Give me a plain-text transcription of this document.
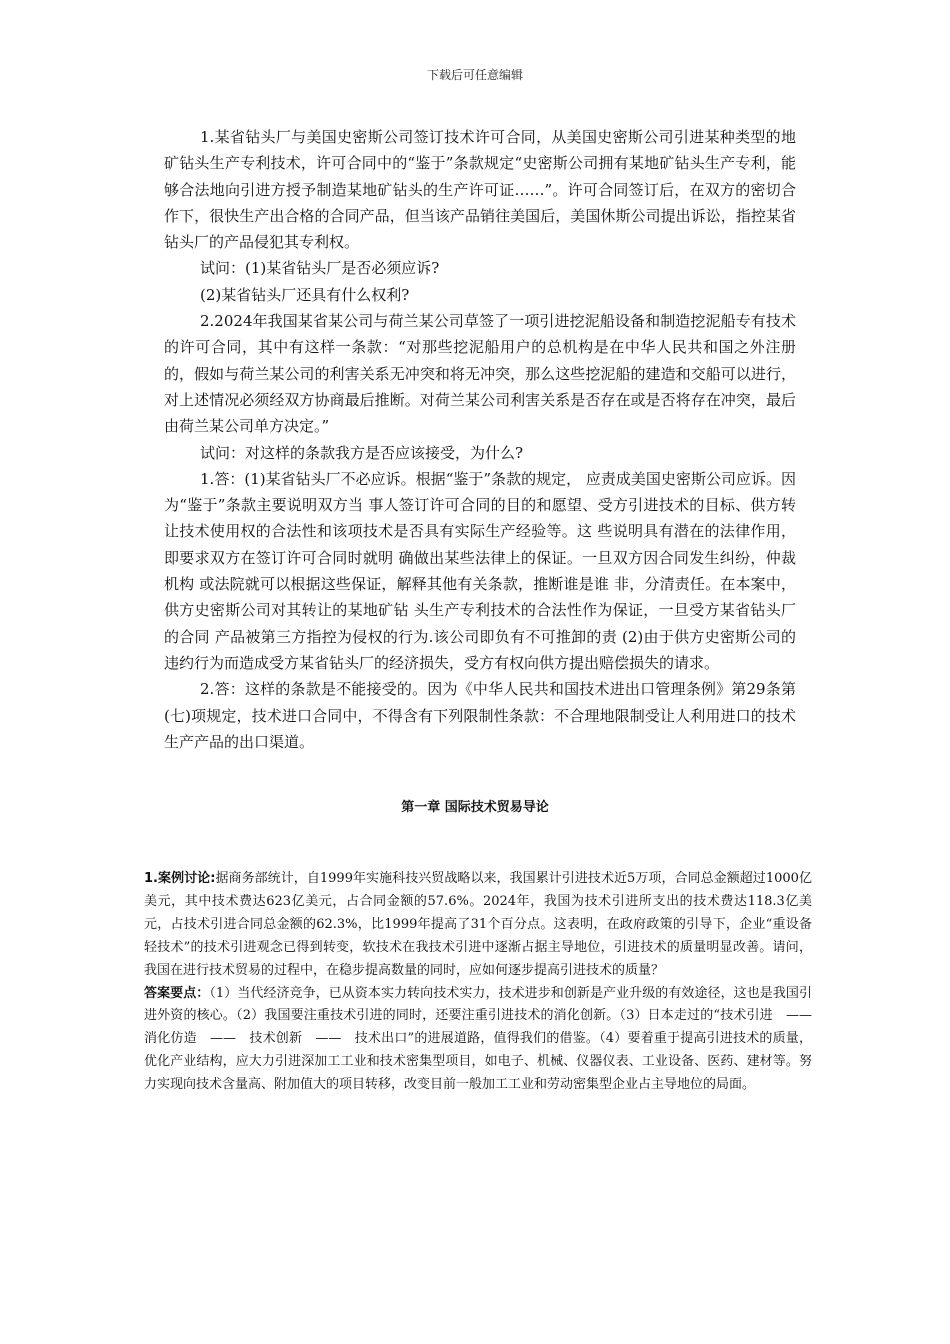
下载后可任意编辑

1.某省钻头厂与美国史密斯公司签订技术许可合同，从美国史密斯公司引进某种类型的地矿钻头生产专利技术，许可合同中的“鉴于”条款规定“史密斯公司拥有某地矿钻头生产专利，能够合法地向引进方授予制造某地矿钻头的生产许可证……”。许可合同签订后，在双方的密切合作下，很快生产出合格的合同产品，但当该产品销往美国后，美国休斯公司提出诉讼，指控某省钻头厂的产品侵犯其专利权。

试问：(1)某省钻头厂是否必须应诉?

(2)某省钻头厂还具有什么权利?

2.2024年我国某省某公司与荷兰某公司草签了一项引进挖泥船设备和制造挖泥船专有技术的许可合同，其中有这样一条款：“对那些挖泥船用户的总机构是在中华人民共和国之外注册的，假如与荷兰某公司的利害关系无冲突和将无冲突，那么这些挖泥船的建造和交船可以进行，对上述情况必须经双方协商最后推断。对荷兰某公司利害关系是否存在或是否将存在冲突，最后由荷兰某公司单方决定。”

试问：对这样的条款我方是否应该接受，为什么?

1.答：(1)某省钻头厂不必应诉。根据“鉴于”条款的规定， 应责成美国史密斯公司应诉。因为“鉴于”条款主要说明双方当 事人签订许可合同的目的和愿望、受方引进技术的目标、供方转 让技术使用权的合法性和该项技术是否具有实际生产经验等。这 些说明具有潜在的法律作用，即要求双方在签订许可合同时就明 确做出某些法律上的保证。一旦双方因合同发生纠纷，仲裁机构 或法院就可以根据这些保证，解释其他有关条款，推断谁是谁 非，分清责任。在本案中，供方史密斯公司对其转让的某地矿钻 头生产专利技术的合法性作为保证，一旦受方某省钻头厂的合同 产品被第三方指控为侵权的行为.该公司即负有不可推卸的责 (2)由于供方史密斯公司的违约行为而造成受方某省钻头厂的经济损失，受方有权向供方提出赔偿损失的请求。

2.答：这样的条款是不能接受的。因为《中华人民共和国技术进出口管理条例》第29条第(七)项规定，技术进口合同中，不得含有下列限制性条款：不合理地限制受让人利用进口的技术生产产品的出口渠道。

第一章 国际技术贸易导论

1.案例讨论:据商务部统计，自1999年实施科技兴贸战略以来，我国累计引进技术近5万项，合同总金额超过1000亿美元，其中技术费达623亿美元，占合同金额的57.6%。2024年，我国为技术引进所支出的技术费达118.3亿美元，占技术引进合同总金额的62.3%，比1999年提高了31个百分点。这表明，在政府政策的引导下，企业“重设备轻技术”的技术引进观念已得到转变，软技术在我技术引进中逐渐占据主导地位，引进技术的质量明显改善。请问，我国在进行技术贸易的过程中，在稳步提高数量的同时，应如何逐步提高引进技术的质量？

答案要点：（1）当代经济竞争，已从资本实力转向技术实力，技术进步和创新是产业升级的有效途径，这也是我国引进外资的核心。（2）我国要注重技术引进的同时，还要注重引进技术的消化创新。（3）日本走过的“技术引进　——　消化仿造　——　技术创新　——　技术出口”的进展道路，值得我们的借鉴。（4）要着重于提高引进技术的质量，优化产业结构，应大力引进深加工工业和技术密集型项目，如电子、机械、仪器仪表、工业设备、医药、建材等。努力实现向技术含量高、附加值大的项目转移，改变目前一般加工工业和劳动密集型企业占主导地位的局面。
